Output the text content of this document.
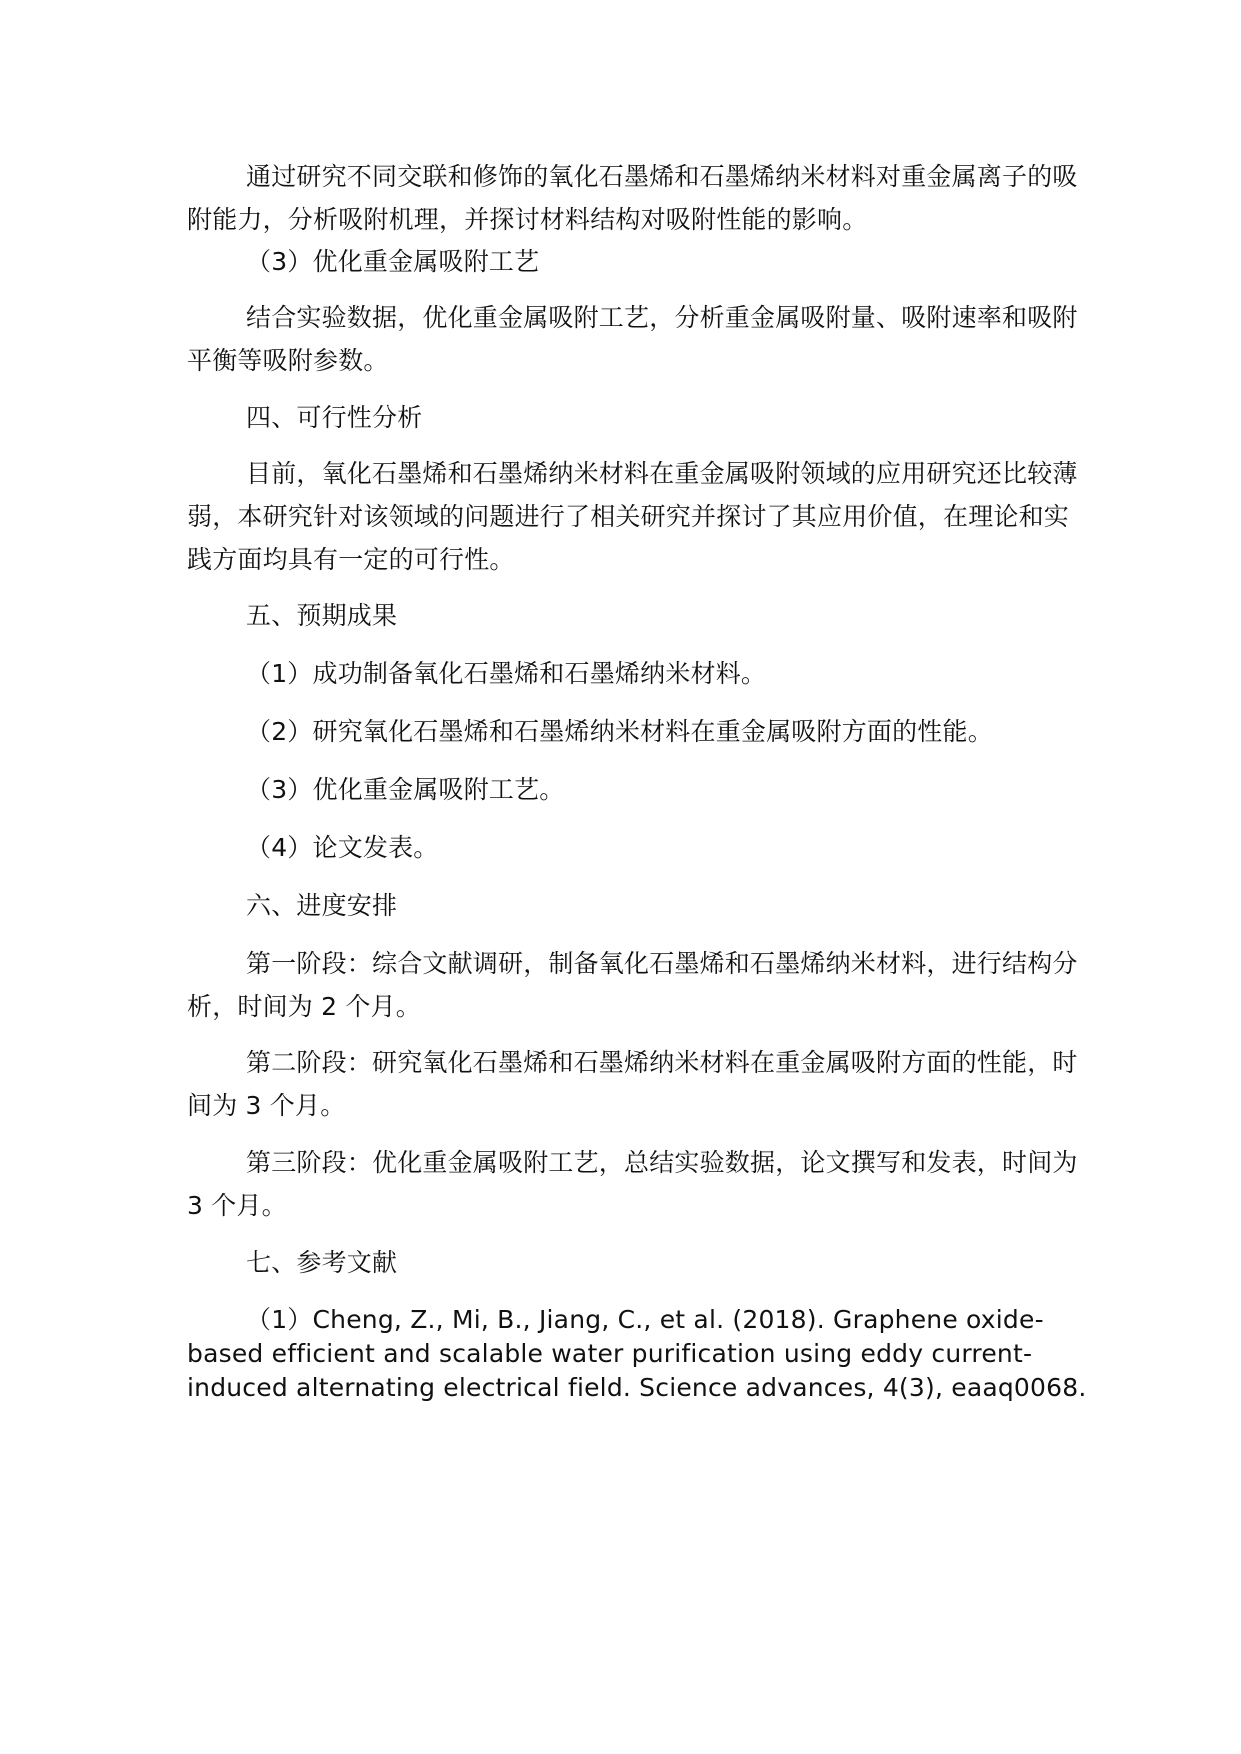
通过研究不同交联和修饰的氧化石墨烯和石墨烯纳米材料对重金属离子的吸附能力，分析吸附机理，并探讨材料结构对吸附性能的影响。

（3）优化重金属吸附工艺

结合实验数据，优化重金属吸附工艺，分析重金属吸附量、吸附速率和吸附平衡等吸附参数。

四、可行性分析

目前，氧化石墨烯和石墨烯纳米材料在重金属吸附领域的应用研究还比较薄弱，本研究针对该领域的问题进行了相关研究并探讨了其应用价值，在理论和实践方面均具有一定的可行性。

五、预期成果

（1）成功制备氧化石墨烯和石墨烯纳米材料。

（2）研究氧化石墨烯和石墨烯纳米材料在重金属吸附方面的性能。

（3）优化重金属吸附工艺。

（4）论文发表。

六、进度安排

第一阶段：综合文献调研，制备氧化石墨烯和石墨烯纳米材料，进行结构分析，时间为 2 个月。

第二阶段：研究氧化石墨烯和石墨烯纳米材料在重金属吸附方面的性能，时间为 3 个月。

第三阶段：优化重金属吸附工艺，总结实验数据，论文撰写和发表，时间为 3 个月。

七、参考文献

（1）Cheng, Z., Mi, B., Jiang, C., et al. (2018). Graphene oxide-based efficient and scalable water purification using eddy current-induced alternating electrical field. Science advances, 4(3), eaaq0068.
